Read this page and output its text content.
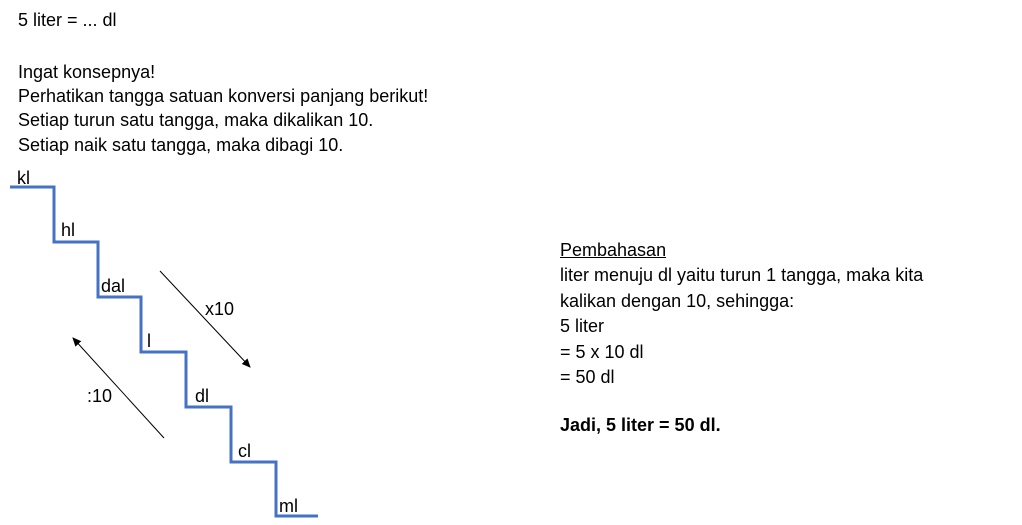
5 liter = ... dl
Ingat konsepnya!
Perhatikan tangga satuan konversi panjang berikut!
Setiap turun satu tangga, maka dikalikan 10.
Setiap naik satu tangga, maka dibagi 10.
kl
hl
dal
l
dl
cl
ml
x10
:10
Pembahasan
liter menuju dl yaitu turun 1 tangga, maka kita
kalikan dengan 10, sehingga:
5 liter
= 5 x 10 dl
= 50 dl
Jadi, 5 liter = 50 dl.
